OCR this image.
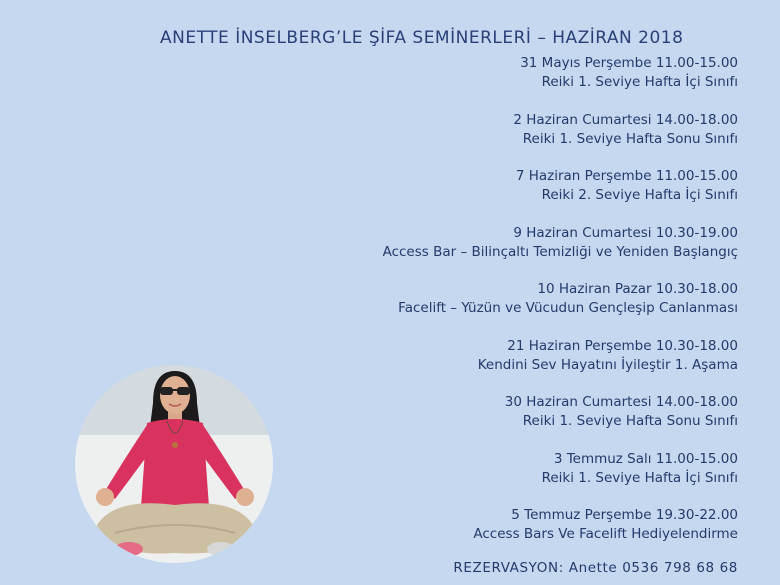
ANETTE İNSELBERG’LE ŞİFA SEMİNERLERİ – HAZİRAN 2018
31 Mayıs Perşembe 11.00-15.00
Reiki 1. Seviye Hafta İçi Sınıfı
2 Haziran Cumartesi 14.00-18.00
Reiki 1. Seviye Hafta Sonu Sınıfı
7 Haziran Perşembe 11.00-15.00
Reiki 2. Seviye Hafta İçi Sınıfı
9 Haziran Cumartesi 10.30-19.00
Access Bar – Bilinçaltı Temizliği ve Yeniden Başlangıç
10 Haziran Pazar 10.30-18.00
Facelift – Yüzün ve Vücudun Gençleşip Canlanması
21 Haziran Perşembe 10.30-18.00
Kendini Sev Hayatını İyileştir 1. Aşama
30 Haziran Cumartesi 14.00-18.00
Reiki 1. Seviye Hafta Sonu Sınıfı
3 Temmuz Salı 11.00-15.00
Reiki 1. Seviye Hafta İçi Sınıfı
5 Temmuz Perşembe 19.30-22.00
Access Bars Ve Facelift Hediyelendirme
REZERVASYON: Anette 0536 798 68 68
